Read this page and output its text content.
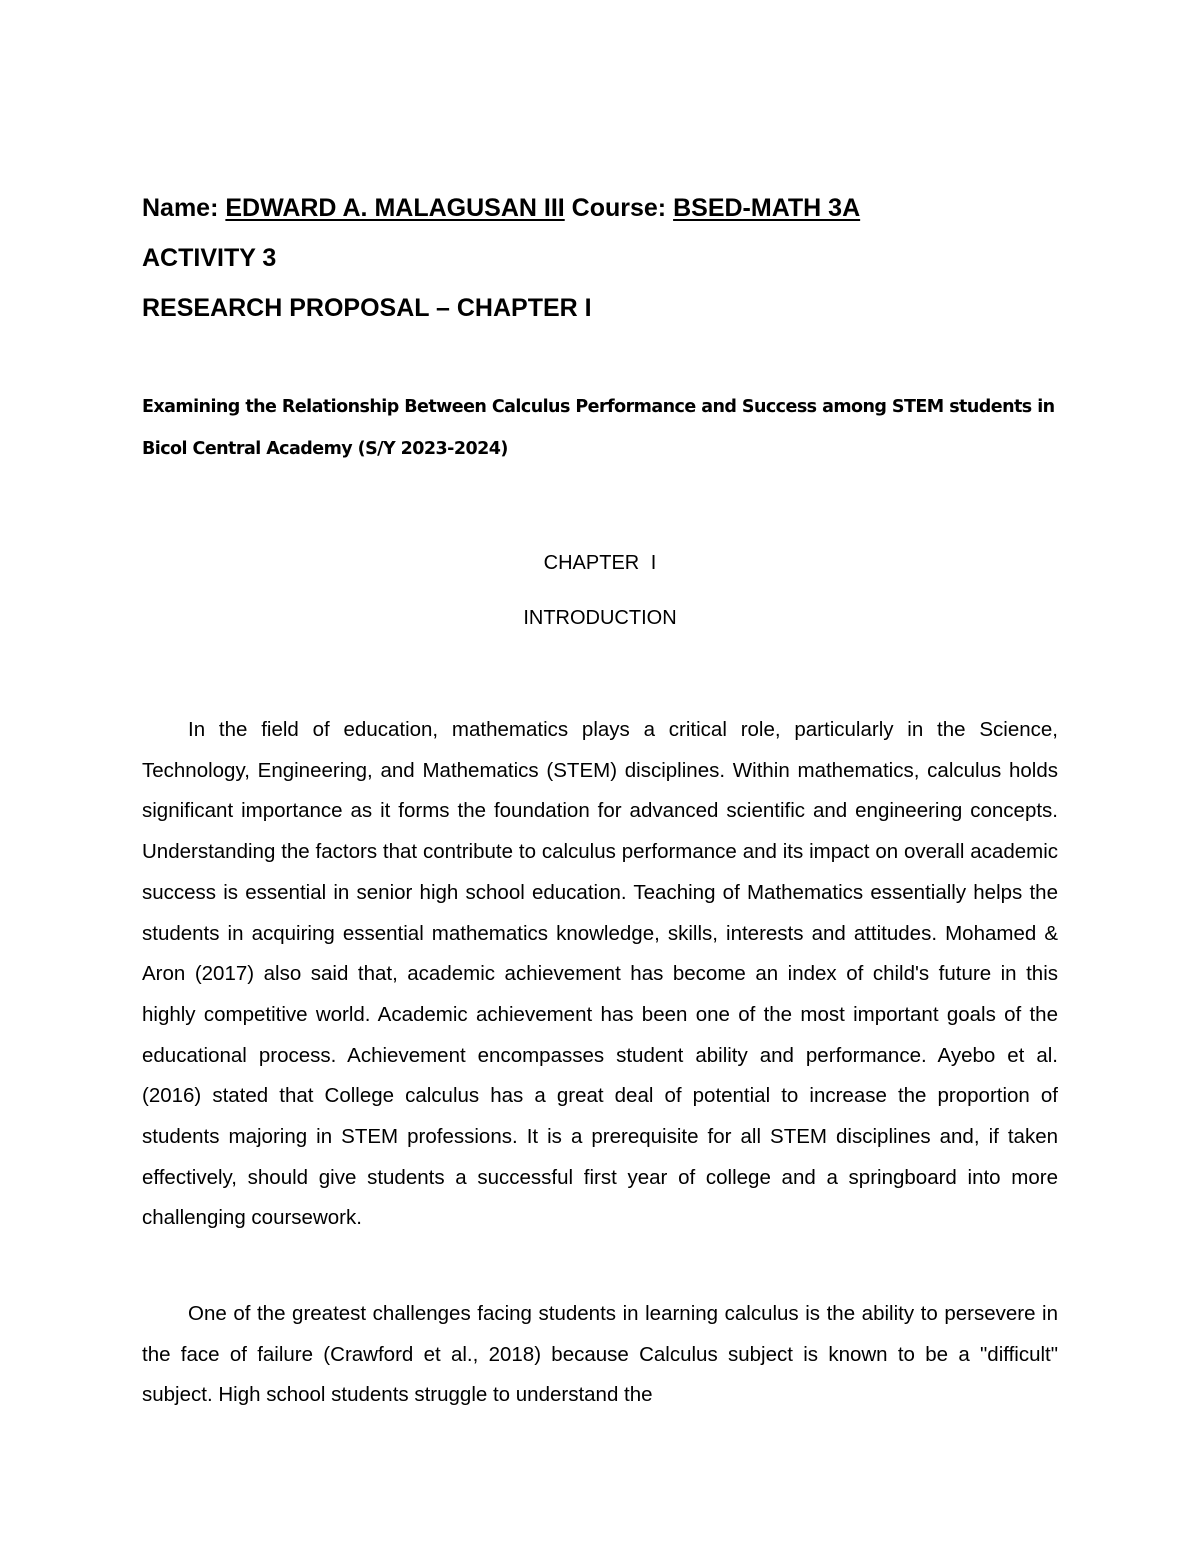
Name: EDWARD A. MALAGUSAN III Course: BSED-MATH 3A
ACTIVITY 3
RESEARCH PROPOSAL – CHAPTER I

Examining the Relationship Between Calculus Performance and Success among STEM students in Bicol Central Academy (S/Y 2023-2024)

CHAPTER I
INTRODUCTION

In the field of education, mathematics plays a critical role, particularly in the Science, Technology, Engineering, and Mathematics (STEM) disciplines. Within mathematics, calculus holds significant importance as it forms the foundation for advanced scientific and engineering concepts. Understanding the factors that contribute to calculus performance and its impact on overall academic success is essential in senior high school education. Teaching of Mathematics essentially helps the students in acquiring essential mathematics knowledge, skills, interests and attitudes. Mohamed & Aron (2017) also said that, academic achievement has become an index of child's future in this highly competitive world. Academic achievement has been one of the most important goals of the educational process. Achievement encompasses student ability and performance. Ayebo et al. (2016) stated that College calculus has a great deal of potential to increase the proportion of students majoring in STEM professions. It is a prerequisite for all STEM disciplines and, if taken effectively, should give students a successful first year of college and a springboard into more challenging coursework.

One of the greatest challenges facing students in learning calculus is the ability to persevere in the face of failure (Crawford et al., 2018) because Calculus subject is known to be a "difficult" subject. High school students struggle to understand the
